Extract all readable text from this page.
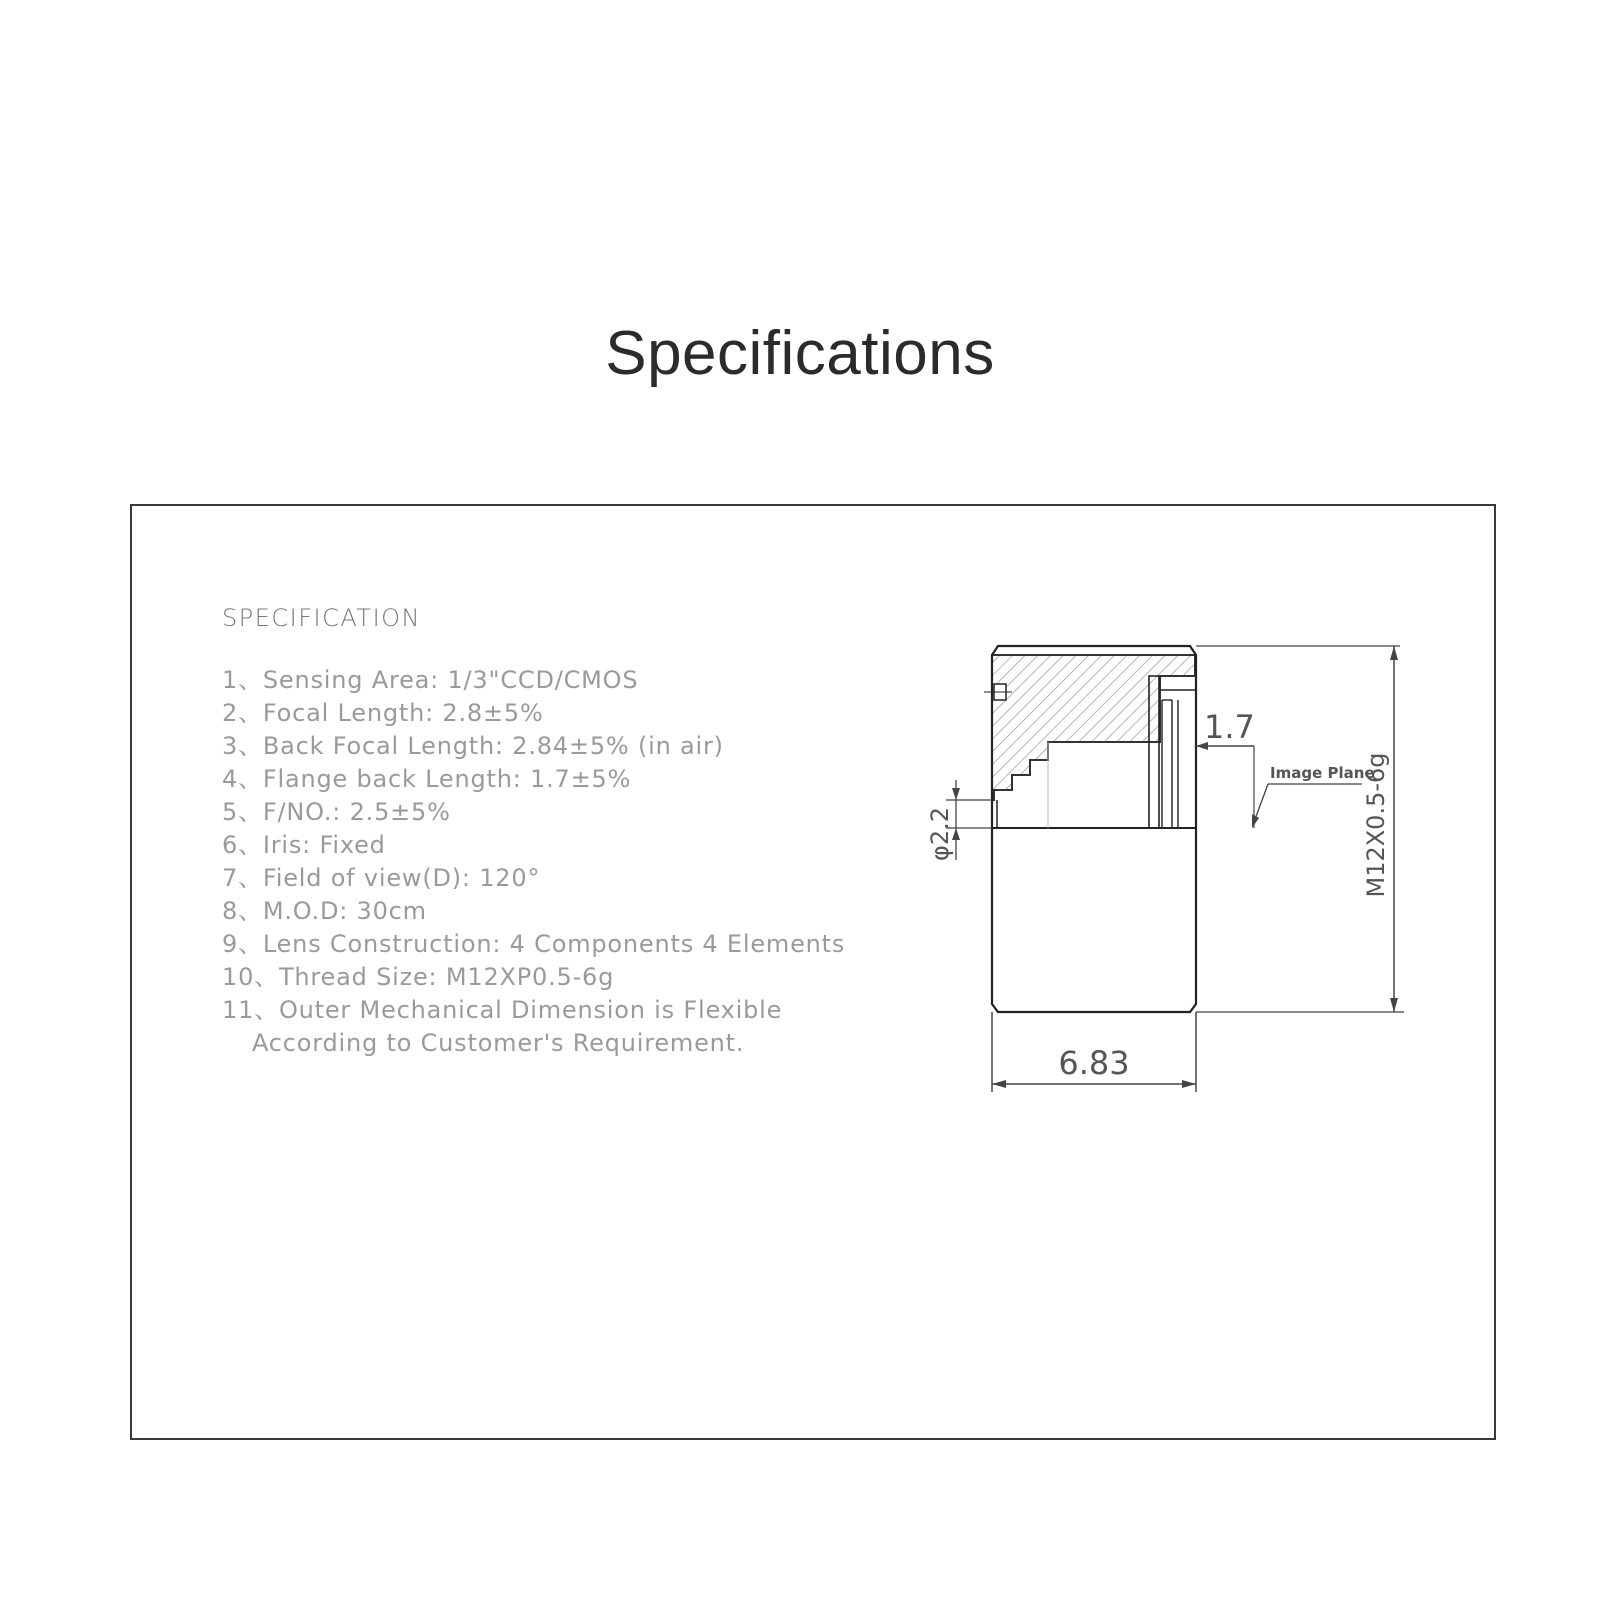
Specifications
SPECIFICATION
1、Sensing Area: 1/3"CCD/CMOS
2、Focal Length: 2.8±5%
3、Back Focal Length: 2.84±5% (in air)
4、Flange back Length: 1.7±5%
5、F/NO.: 2.5±5%
6、Iris: Fixed
7、Field of view(D): 120°
8、M.O.D: 30cm
9、Lens Construction: 4 Components 4 Elements
10、Thread Size: M12XP0.5-6g
11、Outer Mechanical Dimension is Flexible
According to Customer's Requirement.
6.83
M12X0.5-6g
1.7
Image Plane
φ2.2
